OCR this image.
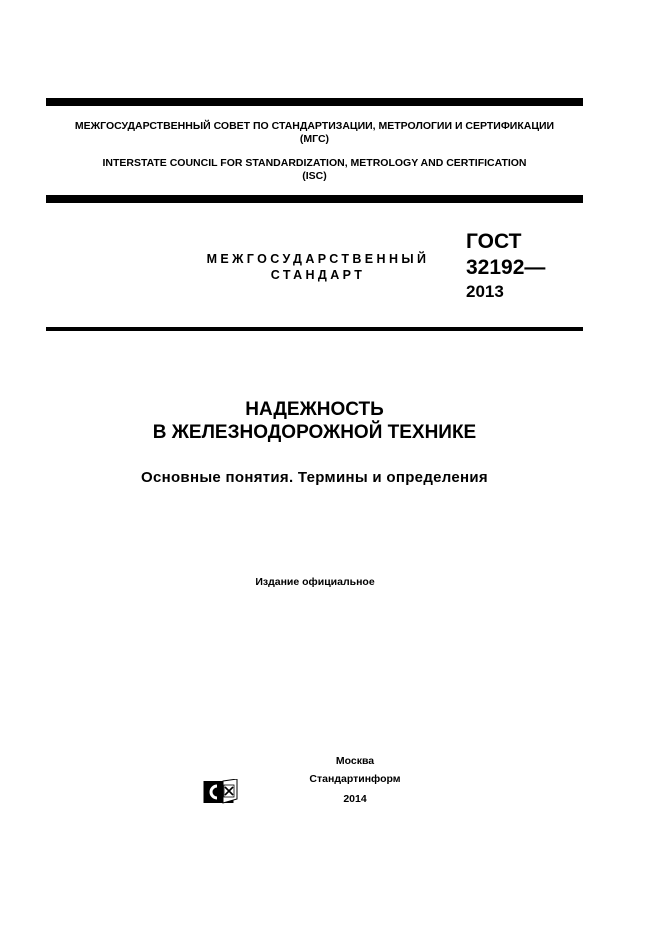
МЕЖГОСУДАРСТВЕННЫЙ СОВЕТ ПО СТАНДАРТИЗАЦИИ, МЕТРОЛОГИИ И СЕРТИФИКАЦИИ
(МГС)
INTERSTATE COUNCIL FOR STANDARDIZATION, METROLOGY AND CERTIFICATION
(ISC)
МЕЖГОСУДАРСТВЕННЫЙ
СТАНДАРТ
ГОСТ
32192—
2013
НАДЕЖНОСТЬ
В ЖЕЛЕЗНОДОРОЖНОЙ ТЕХНИКЕ
Основные понятия. Термины и определения
Издание официальное
Москва
Стандартинформ
2014
